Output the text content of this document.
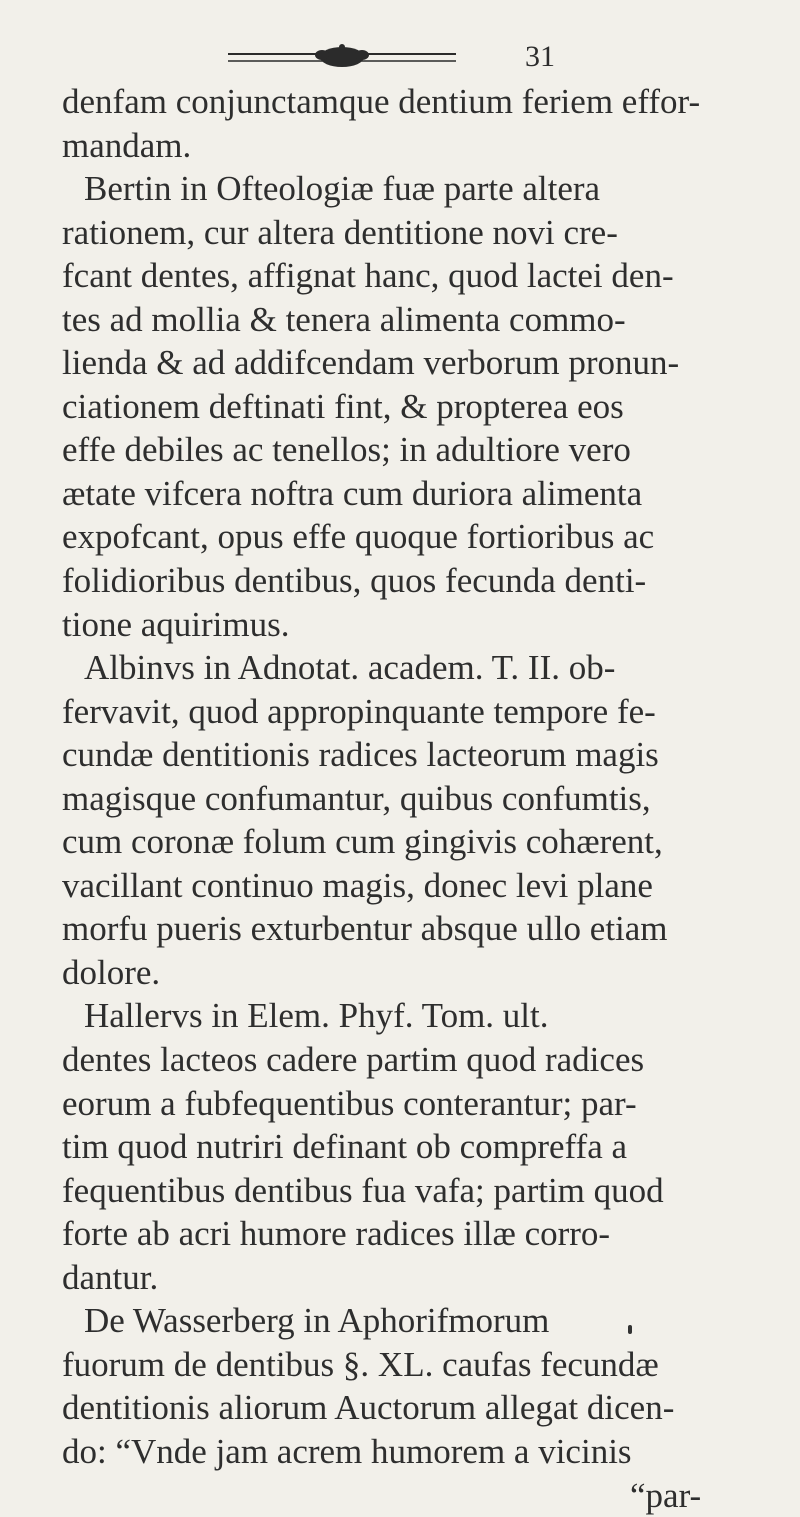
31
denfam conjunctamque dentium feriem effor-
mandam.
Bertin in Ofteologiæ fuæ parte altera
rationem, cur altera dentitione novi cre-
fcant dentes, affignat hanc, quod lactei den-
tes ad mollia & tenera alimenta commo-
lienda & ad addifcendam verborum pronun-
ciationem deftinati fint, & propterea eos
effe debiles ac tenellos; in adultiore vero
ætate vifcera noftra cum duriora alimenta
expofcant, opus effe quoque fortioribus ac
folidioribus dentibus, quos fecunda denti-
tione aquirimus.
Albinvs in Adnotat. academ. T. II. ob-
fervavit, quod appropinquante tempore fe-
cundæ dentitionis radices lacteorum magis
magisque confumantur, quibus confumtis,
cum coronæ folum cum gingivis cohærent,
vacillant continuo magis, donec levi plane
morfu pueris exturbentur absque ullo etiam
dolore.
Hallervs in Elem. Phyf. Tom. ult.
dentes lacteos cadere partim quod radices
eorum a fubfequentibus conterantur; par-
tim quod nutriri definant ob compreffa a
fequentibus dentibus fua vafa; partim quod
forte ab acri humore radices illæ corro-
dantur.
De Wasserberg in Aphorifmorum
fuorum de dentibus §. XL. caufas fecundæ
dentitionis aliorum Auctorum allegat dicen-
do: “Vnde jam acrem humorem a vicinis
“par-
